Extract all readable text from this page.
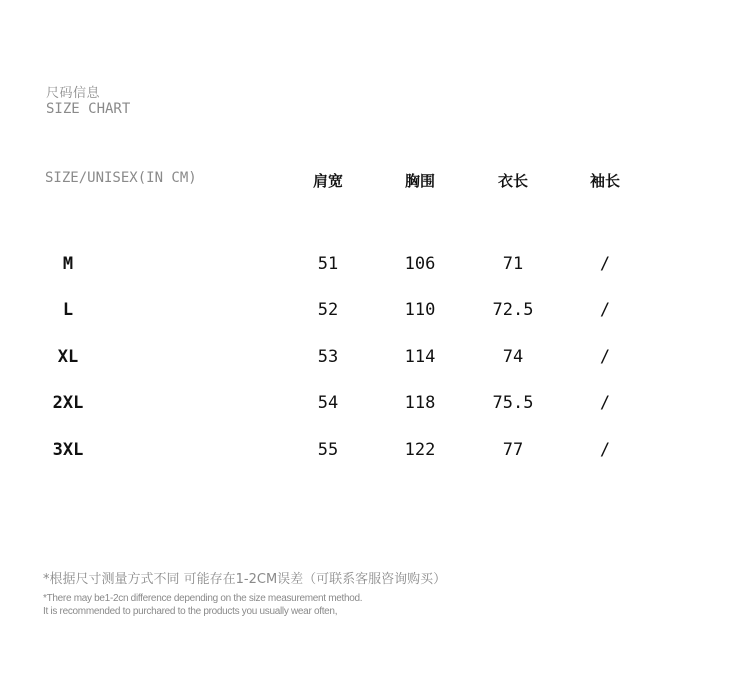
尺码信息
SIZE CHART
SIZE/UNISEX(IN CM)	肩宽	胸围	衣长	袖长
M	51	106	71	/
L	52	110	72.5	/
XL	53	114	74	/
2XL	54	118	75.5	/
3XL	55	122	77	/
*根据尺寸测量方式不同 可能存在1-2CM误差（可联系客服咨询购买）
*There may be1-2cn difference depending on the size measurement method.
It is recommended to purchared to the products you usually wear often,
